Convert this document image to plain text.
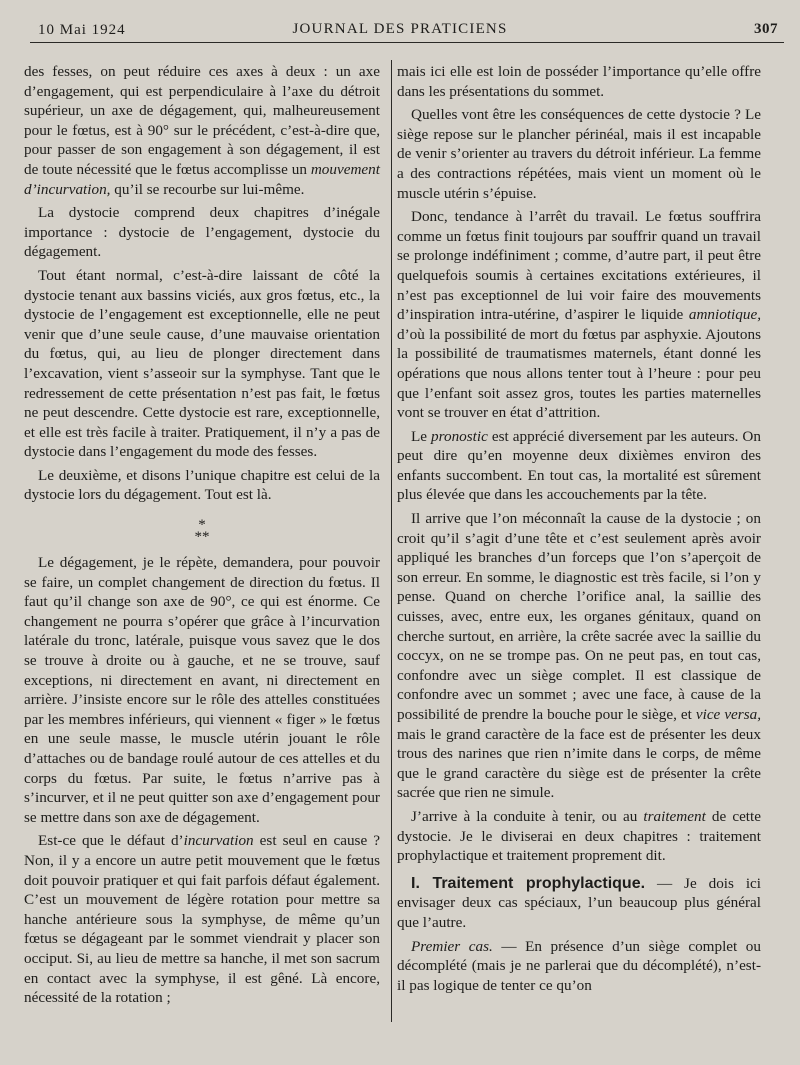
10 Mai 1924	JOURNAL DES PRATICIENS	307

des fesses, on peut réduire ces axes à deux : un axe d’engagement, qui est perpendiculaire à l’axe du détroit supérieur, un axe de dégagement, qui, malheureusement pour le fœtus, est à 90° sur le précédent, c’est-à-dire que, pour passer de son engagement à son dégagement, il est de toute nécessité que le fœtus accomplisse un mouvement d’incurvation, qu’il se recourbe sur lui-même.

La dystocie comprend deux chapitres d’inégale importance : dystocie de l’engagement, dystocie du dégagement.

Tout étant normal, c’est-à-dire laissant de côté la dystocie tenant aux bassins viciés, aux gros fœtus, etc., la dystocie de l’engagement est exceptionnelle, elle ne peut venir que d’une seule cause, d’une mauvaise orientation du fœtus, qui, au lieu de plonger directement dans l’excavation, vient s’asseoir sur la symphyse. Tant que le redressement de cette présentation n’est pas fait, le fœtus ne peut descendre. Cette dystocie est rare, exceptionnelle, et elle est très facile à traiter. Pratiquement, il n’y a pas de dystocie dans l’engagement du mode des fesses.

Le deuxième, et disons l’unique chapitre est celui de la dystocie lors du dégagement. Tout est là.

*
**

Le dégagement, je le répète, demandera, pour pouvoir se faire, un complet changement de direction du fœtus. Il faut qu’il change son axe de 90°, ce qui est énorme. Ce changement ne pourra s’opérer que grâce à l’incurvation latérale du tronc, latérale, puisque vous savez que le dos se trouve à droite ou à gauche, et ne se trouve, sauf exceptions, ni directement en avant, ni directement en arrière. J’insiste encore sur le rôle des attelles constituées par les membres inférieurs, qui viennent « figer » le fœtus en une seule masse, le muscle utérin jouant le rôle d’attaches ou de bandage roulé autour de ces attelles et du corps du fœtus. Par suite, le fœtus n’arrive pas à s’incurver, et il ne peut quitter son axe d’engagement pour se mettre dans son axe de dégagement.

Est-ce que le défaut d’incurvation est seul en cause ? Non, il y a encore un autre petit mouvement que le fœtus doit pouvoir pratiquer et qui fait parfois défaut également. C’est un mouvement de légère rotation pour mettre sa hanche antérieure sous la symphyse, de même qu’un fœtus se dégageant par le sommet viendrait y placer son occiput. Si, au lieu de mettre sa hanche, il met son sacrum en contact avec la symphyse, il est gêné. Là encore, nécessité de la rotation ;

mais ici elle est loin de posséder l’importance qu’elle offre dans les présentations du sommet.

Quelles vont être les conséquences de cette dystocie ? Le siège repose sur le plancher périnéal, mais il est incapable de venir s’orienter au travers du détroit inférieur. La femme a des contractions répétées, mais vient un moment où le muscle utérin s’épuise.

Donc, tendance à l’arrêt du travail. Le fœtus souffrira comme un fœtus finit toujours par souffrir quand un travail se prolonge indéfiniment ; comme, d’autre part, il peut être quelquefois soumis à certaines excitations extérieures, il n’est pas exceptionnel de lui voir faire des mouvements d’inspiration intra-utérine, d’aspirer le liquide amniotique, d’où la possibilité de mort du fœtus par asphyxie. Ajoutons la possibilité de traumatismes maternels, étant donné les opérations que nous allons tenter tout à l’heure : pour peu que l’enfant soit assez gros, toutes les parties maternelles vont se trouver en état d’attrition.

Le pronostic est apprécié diversement par les auteurs. On peut dire qu’en moyenne deux dixièmes environ des enfants succombent. En tout cas, la mortalité est sûrement plus élevée que dans les accouchements par la tête.

Il arrive que l’on méconnaît la cause de la dystocie ; on croit qu’il s’agit d’une tête et c’est seulement après avoir appliqué les branches d’un forceps que l’on s’aperçoit de son erreur. En somme, le diagnostic est très facile, si l’on y pense. Quand on cherche l’orifice anal, la saillie des cuisses, avec, entre eux, les organes génitaux, quand on cherche surtout, en arrière, la crête sacrée avec la saillie du coccyx, on ne se trompe pas. On ne peut pas, en tout cas, confondre avec un siège complet. Il est classique de confondre avec un sommet ; avec une face, à cause de la possibilité de prendre la bouche pour le siège, et vice versa, mais le grand caractère de la face est de présenter les deux trous des narines que rien n’imite dans le corps, de même que le grand caractère du siège est de présenter la crête sacrée que rien ne simule.

J’arrive à la conduite à tenir, ou au traitement de cette dystocie. Je le diviserai en deux chapitres : traitement prophylactique et traitement proprement dit.

I. Traitement prophylactique. — Je dois ici envisager deux cas spéciaux, l’un beaucoup plus général que l’autre.

Premier cas. — En présence d’un siège complet ou décomplété (mais je ne parlerai que du décomplété), n’est-il pas logique de tenter ce qu’on
